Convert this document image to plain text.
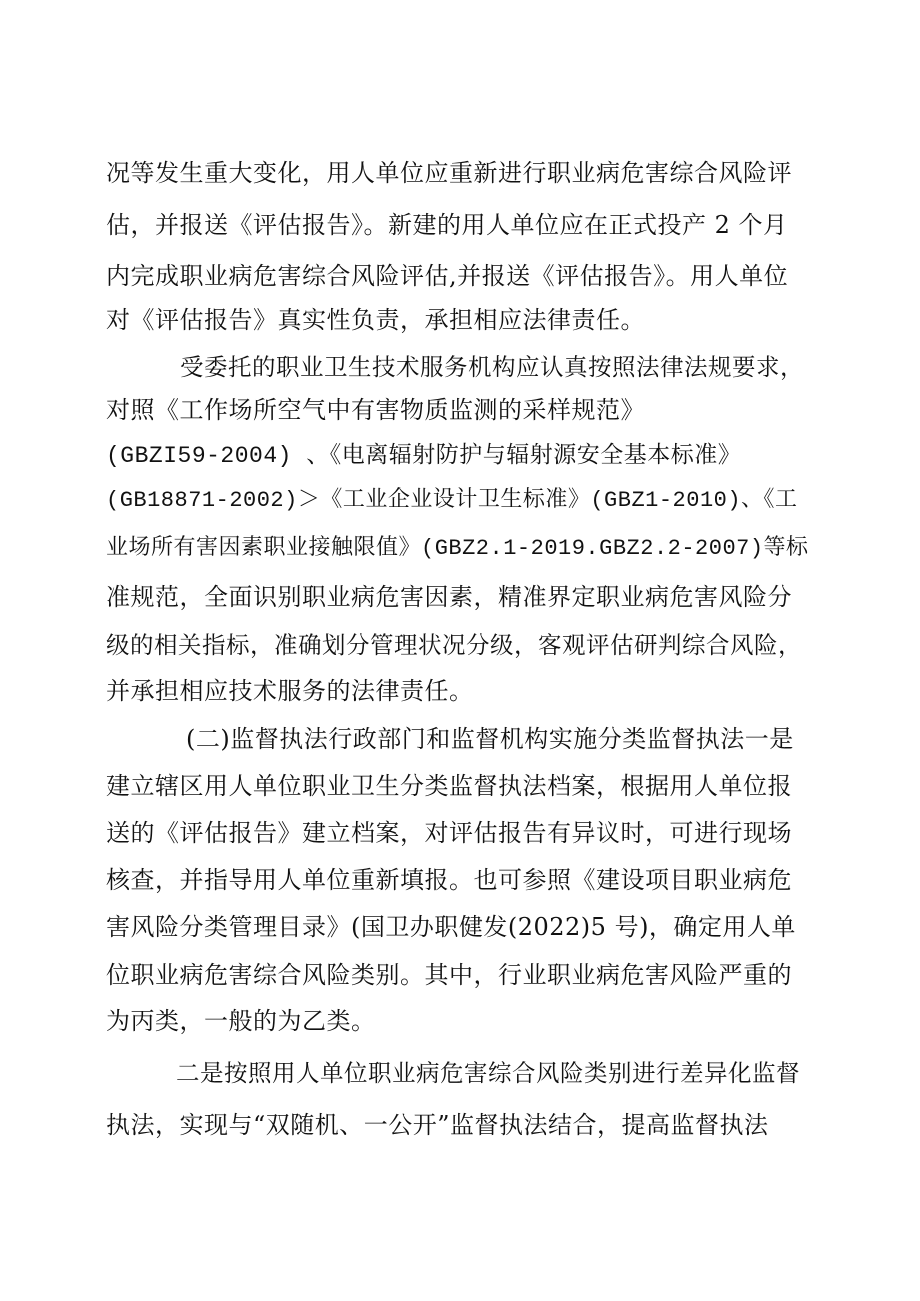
况等发生重大变化，用人单位应重新进行职业病危害综合风险评
估，并报送《评估报告》。新建的用人单位应在正式投产 2 个月
内完成职业病危害综合风险评估,并报送《评估报告》。用人单位
对《评估报告》真实性负责，承担相应法律责任。
受委托的职业卫生技术服务机构应认真按照法律法规要求，
对照《工作场所空气中有害物质监测的采样规范》
(GBZI59-2004) 、《电离辐射防护与辐射源安全基本标准》
(GB18871-2002)＞《工业企业设计卫生标准》(GBZ1-2010)、《工
业场所有害因素职业接触限值》(GBZ2.1-2019.GBZ2.2-2007)等标
准规范，全面识别职业病危害因素，精准界定职业病危害风险分
级的相关指标，准确划分管理状况分级，客观评估研判综合风险，
并承担相应技术服务的法律责任。
(二)监督执法行政部门和监督机构实施分类监督执法一是
建立辖区用人单位职业卫生分类监督执法档案，根据用人单位报
送的《评估报告》建立档案，对评估报告有异议时，可进行现场
核查，并指导用人单位重新填报。也可参照《建设项目职业病危
害风险分类管理目录》(国卫办职健发(2022)5 号)，确定用人单
位职业病危害综合风险类别。其中，行业职业病危害风险严重的
为丙类，一般的为乙类。
二是按照用人单位职业病危害综合风险类别进行差异化监督
执法，实现与“双随机、一公开”监督执法结合，提高监督执法
